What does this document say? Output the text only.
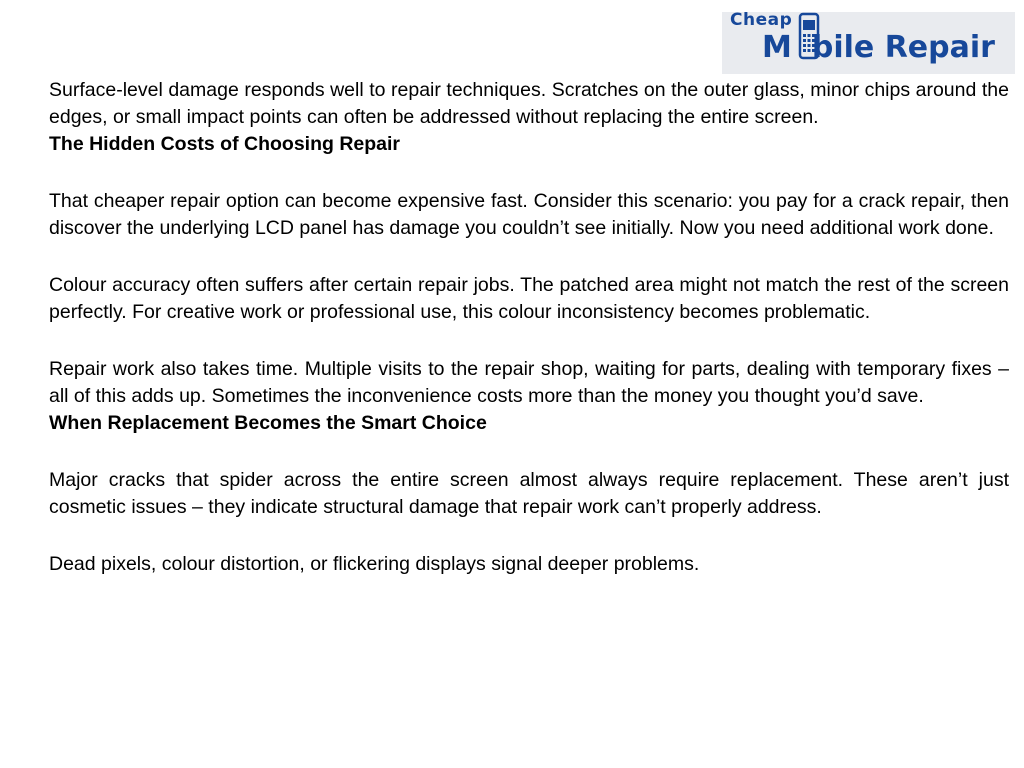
Cheap
M bile Repair

Surface-level damage responds well to repair techniques. Scratches on the outer glass, minor chips around the edges, or small impact points can often be addressed without replacing the entire screen.

The Hidden Costs of Choosing Repair

That cheaper repair option can become expensive fast. Consider this scenario: you pay for a crack repair, then discover the underlying LCD panel has damage you couldn’t see initially. Now you need additional work done.

Colour accuracy often suffers after certain repair jobs. The patched area might not match the rest of the screen perfectly. For creative work or professional use, this colour inconsistency becomes problematic.

Repair work also takes time. Multiple visits to the repair shop, waiting for parts, dealing with temporary fixes – all of this adds up. Sometimes the inconvenience costs more than the money you thought you’d save.

When Replacement Becomes the Smart Choice

Major cracks that spider across the entire screen almost always require replacement. These aren’t just cosmetic issues – they indicate structural damage that repair work can’t properly address.

Dead pixels, colour distortion, or flickering displays signal deeper problems.
